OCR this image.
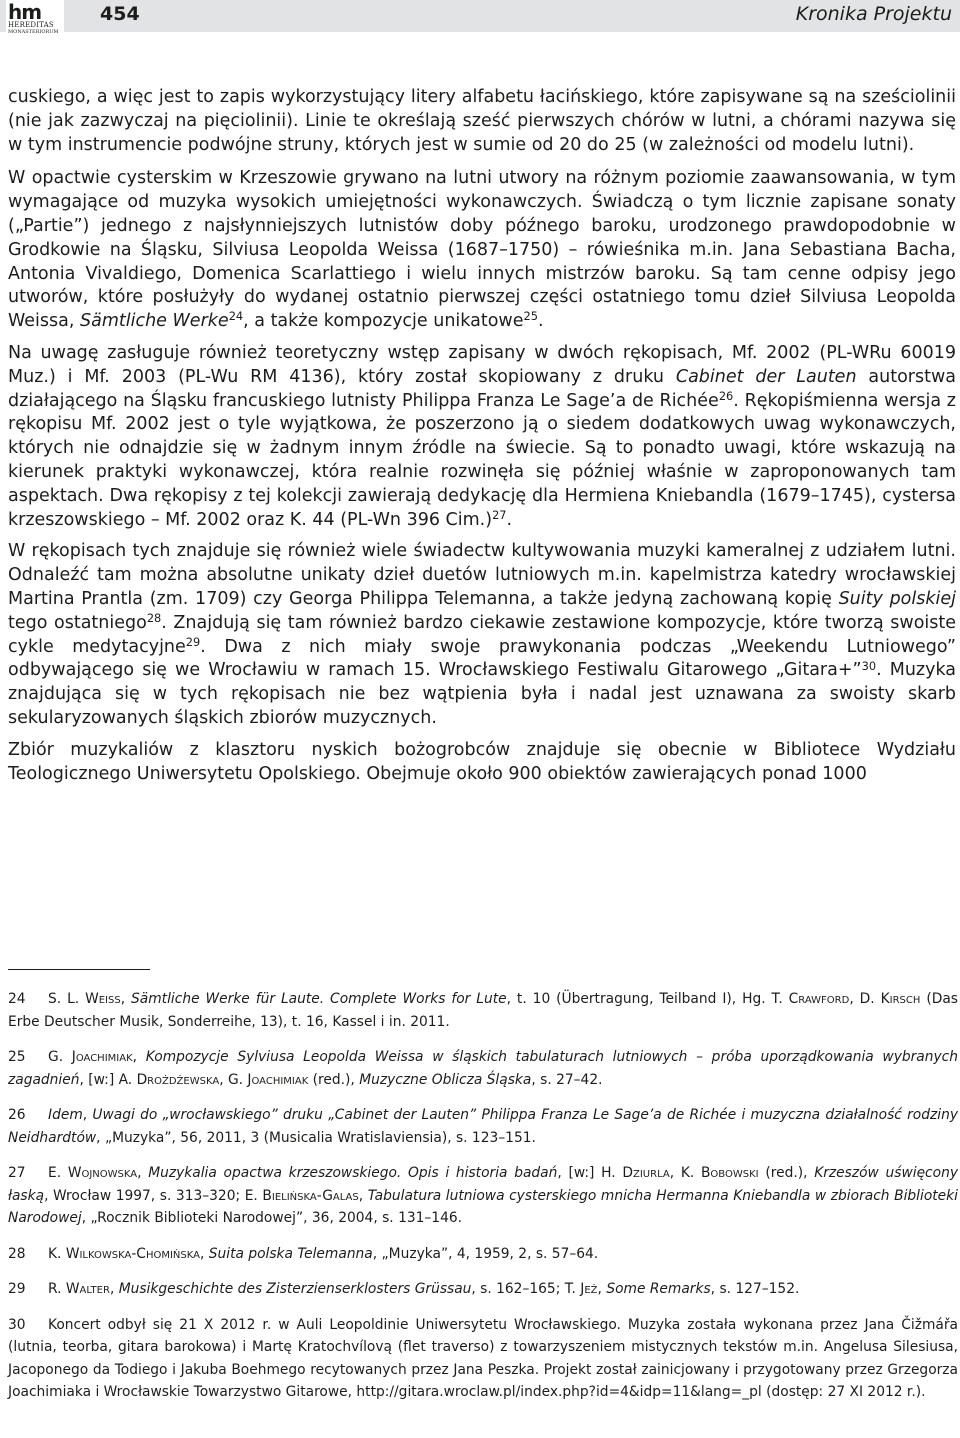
hm
HEREDITAS
MONASTERIORUM
454	Kronika Projektu

cuskiego, a więc jest to zapis wykorzystujący litery alfabetu łacińskiego, które zapisywane są na sześciolinii (nie jak zazwyczaj na pięciolinii). Linie te określają sześć pierwszych chórów w lutni, a chórami nazywa się w tym instrumencie podwójne struny, których jest w sumie od 20 do 25 (w zależności od modelu lutni).

W opactwie cysterskim w Krzeszowie grywano na lutni utwory na różnym poziomie zaawansowania, w tym wymagające od muzyka wysokich umiejętności wykonawczych. Świadczą o tym licznie zapisane sonaty („Partie”) jednego z najsłynniejszych lutnistów doby późnego baroku, urodzonego prawdopodobnie w Grodkowie na Śląsku, Silviusa Leopolda Weissa (1687–1750) – rówieśnika m.in. Jana Sebastiana Bacha, Antonia Vivaldiego, Domenica Scarlattiego i wielu innych mistrzów baroku. Są tam cenne odpisy jego utworów, które posłużyły do wydanej ostatnio pierwszej części ostatniego tomu dzieł Silviusa Leopolda Weissa, Sämtliche Werke$^{24}$, a także kompozycje unikatowe$^{25}$.

Na uwagę zasługuje również teoretyczny wstęp zapisany w dwóch rękopisach, Mf. 2002 (PL-WRu 60019 Muz.) i Mf. 2003 (PL-Wu RM 4136), który został skopiowany z druku Cabinet der Lauten autorstwa działającego na Śląsku francuskiego lutnisty Philippa Franza Le Sage’a de Richée$^{26}$. Rękopiśmienna wersja z rękopisu Mf. 2002 jest o tyle wyjątkowa, że poszerzono ją o siedem dodatkowych uwag wykonawczych, których nie odnajdzie się w żadnym innym źródle na świecie. Są to ponadto uwagi, które wskazują na kierunek praktyki wykonawczej, która realnie rozwinęła się później właśnie w zaproponowanych tam aspektach. Dwa rękopisy z tej kolekcji zawierają dedykację dla Hermiena Kniebandla (1679–1745), cystersa krzeszowskiego – Mf. 2002 oraz K. 44 (PL-Wn 396 Cim.)$^{27}$.

W rękopisach tych znajduje się również wiele świadectw kultywowania muzyki kameralnej z udziałem lutni. Odnaleźć tam można absolutne unikaty dzieł duetów lutniowych m.in. kapelmistrza katedry wrocławskiej Martina Prantla (zm. 1709) czy Georga Philippa Telemanna, a także jedyną zachowaną kopię Suity polskiej tego ostatniego$^{28}$. Znajdują się tam również bardzo ciekawie zestawione kompozycje, które tworzą swoiste cykle medytacyjne$^{29}$. Dwa z nich miały swoje prawykonania podczas „Weekendu Lutniowego” odbywającego się we Wrocławiu w ramach 15. Wrocławskiego Festiwalu Gitarowego „Gitara+”$^{30}$. Muzyka znajdująca się w tych rękopisach nie bez wątpienia była i nadal jest uznawana za swoisty skarb sekularyzowanych śląskich zbiorów muzycznych.

Zbiór muzykaliów z klasztoru nyskich bożogrobców znajduje się obecnie w Bibliotece Wydziału Teologicznego Uniwersytetu Opolskiego. Obejmuje około 900 obiektów zawierających ponad 1000

24 S. L. Weiss, Sämtliche Werke für Laute. Complete Works for Lute, t. 10 (Übertragung, Teilband I), Hg. T. Crawford, D. Kirsch (Das Erbe Deutscher Musik, Sonderreihe, 13), t. 16, Kassel i in. 2011.

25 G. Joachimiak, Kompozycje Sylviusa Leopolda Weissa w śląskich tabulaturach lutniowych – próba uporządkowania wybranych zagadnień, [w:] A. Drożdżewska, G. Joachimiak (red.), Muzyczne Oblicza Śląska, s. 27–42.

26 Idem, Uwagi do „wrocławskiego” druku „Cabinet der Lauten” Philippa Franza Le Sage’a de Richée i muzyczna działalność rodziny Neidhardtów, „Muzyka”, 56, 2011, 3 (Musicalia Wratislaviensia), s. 123–151.

27 E. Wojnowska, Muzykalia opactwa krzeszowskiego. Opis i historia badań, [w:] H. Dziurla, K. Bobowski (red.), Krzeszów uświęcony łaską, Wrocław 1997, s. 313–320; E. Bielińska-Galas, Tabulatura lutniowa cysterskiego mnicha Hermanna Kniebandla w zbiorach Biblioteki Narodowej, „Rocznik Biblioteki Narodowej”, 36, 2004, s. 131–146.

28 K. Wilkowska-Chomińska, Suita polska Telemanna, „Muzyka”, 4, 1959, 2, s. 57–64.

29 R. Walter, Musikgeschichte des Zisterzienserklosters Grüssau, s. 162–165; T. Jeż, Some Remarks, s. 127–152.

30 Koncert odbył się 21 X 2012 r. w Auli Leopoldinie Uniwersytetu Wrocławskiego. Muzyka została wykonana przez Jana Čižmářa (lutnia, teorba, gitara barokowa) i Martę Kratochvílovą (flet traverso) z towarzyszeniem mistycznych tekstów m.in. Angelusa Silesiusa, Jacoponego da Todiego i Jakuba Boehmego recytowanych przez Jana Peszka. Projekt został zainicjowany i przygotowany przez Grzegorza Joachimiaka i Wrocławskie Towarzystwo Gitarowe, http://gitara.wroclaw.pl/index.php?id=4&idp=11&lang=_pl (dostęp: 27 XI 2012 r.).
